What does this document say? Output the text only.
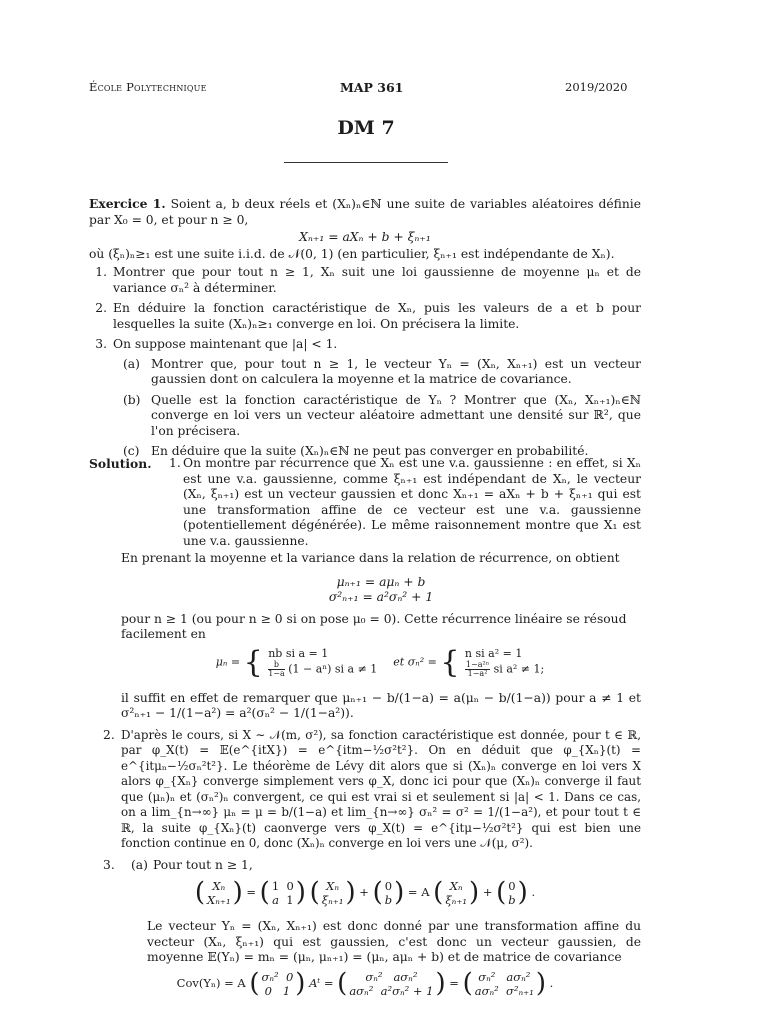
École Polytechnique	MAP 361	2019/2020
DM 7

Exercice 1. Soient a, b deux réels et (Xₙ)ₙ∈ℕ une suite de variables aléatoires définie par X₀ = 0, et pour n ≥ 0,

Xₙ₊₁ = aXₙ + b + ξₙ₊₁

où (ξₙ)ₙ≥₁ est une suite i.i.d. de 𝒩(0, 1) (en particulier, ξₙ₊₁ est indépendante de Xₙ).

1. Montrer que pour tout n ≥ 1, Xₙ suit une loi gaussienne de moyenne μₙ et de variance σₙ² à déterminer.
2. En déduire la fonction caractéristique de Xₙ, puis les valeurs de a et b pour lesquelles la suite (Xₙ)ₙ≥₁ converge en loi. On précisera la limite.
3. On suppose maintenant que |a| < 1.
(a) Montrer que, pour tout n ≥ 1, le vecteur Yₙ = (Xₙ, Xₙ₊₁) est un vecteur gaussien dont on calculera la moyenne et la matrice de covariance.
(b) Quelle est la fonction caractéristique de Yₙ ? Montrer que (Xₙ, Xₙ₊₁)ₙ∈ℕ converge en loi vers un vecteur aléatoire admettant une densité sur ℝ², que l'on précisera.
(c) En déduire que la suite (Xₙ)ₙ∈ℕ ne peut pas converger en probabilité.
Solution.	1. On montre par récurrence que Xₙ est une v.a. gaussienne : en effet, si Xₙ est une v.a. gaussienne, comme ξₙ₊₁ est indépendant de Xₙ, le vecteur (Xₙ, ξₙ₊₁) est un vecteur gaussien et donc Xₙ₊₁ = aXₙ + b + ξₙ₊₁ qui est une transformation affine de ce vecteur est une v.a. gaussienne (potentiellement dégénérée). Le même raisonnement montre que X₁ est une v.a. gaussienne.

En prenant la moyenne et la variance dans la relation de récurrence, on obtient

μₙ₊₁ = aμₙ + b

σ²ₙ₊₁ = a²σₙ² + 1

pour n ≥ 1 (ou pour n ≥ 0 si on pose μ₀ = 0). Cette récurrence linéaire se résoud facilement en

μₙ = { nb si a = 1

$\frac{b}{1-a} (1 - a^n)$ si a ≠ 1    et σₙ² = { n si a² = 1

$\frac{\text{1−a²ⁿ}}{\text{1−a²}}$ si a² ≠ 1;

il suffit en effet de remarquer que μₙ₊₁ − b/(1−a) = a(μₙ − b/(1−a)) pour a ≠ 1 et σ²ₙ₊₁ − 1/(1−a²) = a²(σₙ² − 1/(1−a²)).

2. D'après le cours, si X ∼ 𝒩(m, σ²), sa fonction caractéristique est donnée, pour t ∈ ℝ, par φ_X(t) = 𝔼(e^{itX}) = e^{itm−½σ²t²}. On en déduit que φ_{Xₙ}(t) = e^{itμₙ−½σₙ²t²}. Le théorème de Lévy dit alors que si (Xₙ)ₙ converge en loi vers X alors φ_{Xₙ} converge simplement vers φ_X, donc ici pour que (Xₙ)ₙ converge il faut que (μₙ)ₙ et (σₙ²)ₙ convergent, ce qui est vrai si et seulement si |a| < 1. Dans ce cas, on a lim_{n→∞} μₙ = μ = b/(1−a) et lim_{n→∞} σₙ² = σ² = 1/(1−a²), et pour tout t ∈ ℝ, la suite φ_{Xₙ}(t) caonverge vers φ_X(t) = e^{itμ−½σ²t²} qui est bien une fonction continue en 0, donc (Xₙ)ₙ converge en loi vers une 𝒩(μ, σ²).
3.	(a) Pour tout n ≥ 1,
( Xₙ
Xₙ₊₁) = ( 1 0
a 1) ( Xₙ
ξₙ₊₁) + ( 0
b) = A ( Xₙ
ξₙ₊₁) + ( 0
b) .

Le vecteur Yₙ = (Xₙ, Xₙ₊₁) est donc donné par une transformation affine du vecteur (Xₙ, ξₙ₊₁) qui est gaussien, c'est donc un vecteur gaussien, de moyenne 𝔼(Yₙ) = mₙ = (μₙ, μₙ₊₁) = (μₙ, aμₙ + b) et de matrice de covariance

Cov(Yₙ) = A ( σₙ² 0
0 1 ) Aᵗ = ( σₙ² aσₙ²
aσₙ² a²σₙ² + 1) = ( σₙ² aσₙ²
aσₙ² σ²ₙ₊₁) .
